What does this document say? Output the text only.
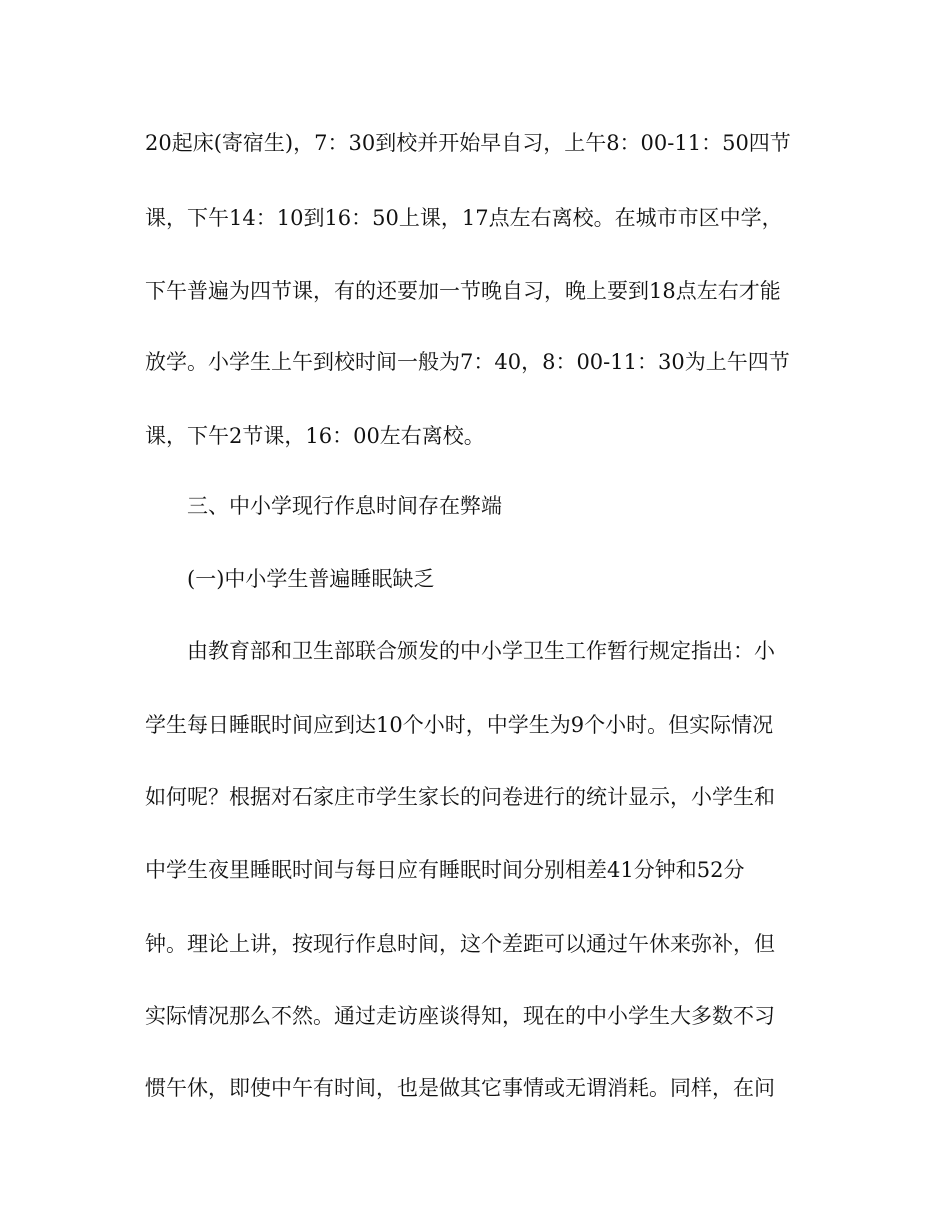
20起床(寄宿生)，7：30到校并开始早自习，上午8：00-11：50四节
课，下午14：10到16：50上课，17点左右离校。在城市市区中学，
下午普遍为四节课，有的还要加一节晚自习，晚上要到18点左右才能
放学。小学生上午到校时间一般为7：40，8：00-11：30为上午四节
课，下午2节课，16：00左右离校。
三、中小学现行作息时间存在弊端
(一)中小学生普遍睡眠缺乏
由教育部和卫生部联合颁发的中小学卫生工作暂行规定指出：小
学生每日睡眠时间应到达10个小时，中学生为9个小时。但实际情况
如何呢？根据对石家庄市学生家长的问卷进行的统计显示，小学生和
中学生夜里睡眠时间与每日应有睡眠时间分别相差41分钟和52分
钟。理论上讲，按现行作息时间，这个差距可以通过午休来弥补，但
实际情况那么不然。通过走访座谈得知，现在的中小学生大多数不习
惯午休，即使中午有时间，也是做其它事情或无谓消耗。同样，在问
